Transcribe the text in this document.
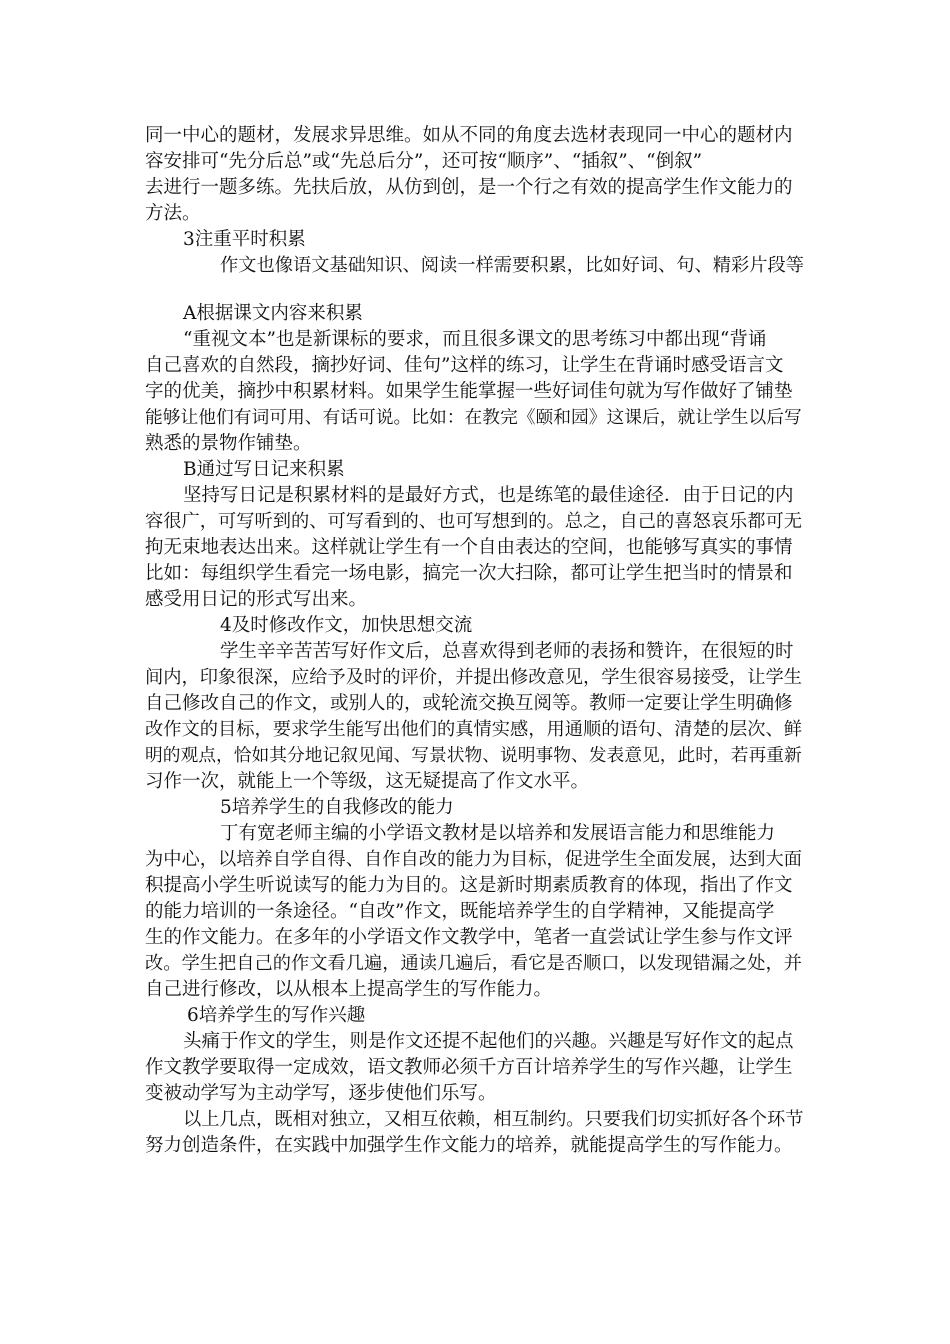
同一中心的题材，发展求异思维。如从不同的角度去选材表现同一中心的题材内
容安排可“先分后总”或“先总后分”，还可按“顺序”、“插叙”、“倒叙”
去进行一题多练。先扶后放，从仿到创，是一个行之有效的提高学生作文能力的
方法。
3注重平时积累
作文也像语文基础知识、阅读一样需要积累，比如好词、句、精彩片段等
A根据课文内容来积累
“重视文本”也是新课标的要求，而且很多课文的思考练习中都出现“背诵
自己喜欢的自然段，摘抄好词、佳句”这样的练习，让学生在背诵时感受语言文
字的优美，摘抄中积累材料。如果学生能掌握一些好词佳句就为写作做好了铺垫
能够让他们有词可用、有话可说。比如：在教完《颐和园》这课后，就让学生以后写
熟悉的景物作铺垫。
B通过写日记来积累
坚持写日记是积累材料的是最好方式，也是练笔的最佳途径．由于日记的内
容很广，可写听到的、可写看到的、也可写想到的。总之，自己的喜怒哀乐都可无
拘无束地表达出来。这样就让学生有一个自由表达的空间，也能够写真实的事情
比如：每组织学生看完一场电影，搞完一次大扫除，都可让学生把当时的情景和
感受用日记的形式写出来。
4及时修改作文，加快思想交流
学生辛辛苦苦写好作文后，总喜欢得到老师的表扬和赞许，在很短的时
间内，印象很深，应给予及时的评价，并提出修改意见，学生很容易接受，让学生
自己修改自己的作文，或别人的，或轮流交换互阅等。教师一定要让学生明确修
改作文的目标，要求学生能写出他们的真情实感，用通顺的语句、清楚的层次、鲜
明的观点，恰如其分地记叙见闻、写景状物、说明事物、发表意见，此时，若再重新
习作一次，就能上一个等级，这无疑提高了作文水平。
5培养学生的自我修改的能力
丁有宽老师主编的小学语文教材是以培养和发展语言能力和思维能力
为中心，以培养自学自得、自作自改的能力为目标，促进学生全面发展，达到大面
积提高小学生听说读写的能力为目的。这是新时期素质教育的体现，指出了作文
的能力培训的一条途径。“自改”作文，既能培养学生的自学精神，又能提高学
生的作文能力。在多年的小学语文作文教学中，笔者一直尝试让学生参与作文评
改。学生把自己的作文看几遍，通读几遍后，看它是否顺口，以发现错漏之处，并
自己进行修改，以从根本上提高学生的写作能力。
6培养学生的写作兴趣
头痛于作文的学生，则是作文还提不起他们的兴趣。兴趣是写好作文的起点
作文教学要取得一定成效，语文教师必须千方百计培养学生的写作兴趣，让学生
变被动学写为主动学写，逐步使他们乐写。
以上几点，既相对独立，又相互依赖，相互制约。只要我们切实抓好各个环节
努力创造条件，在实践中加强学生作文能力的培养，就能提高学生的写作能力。
